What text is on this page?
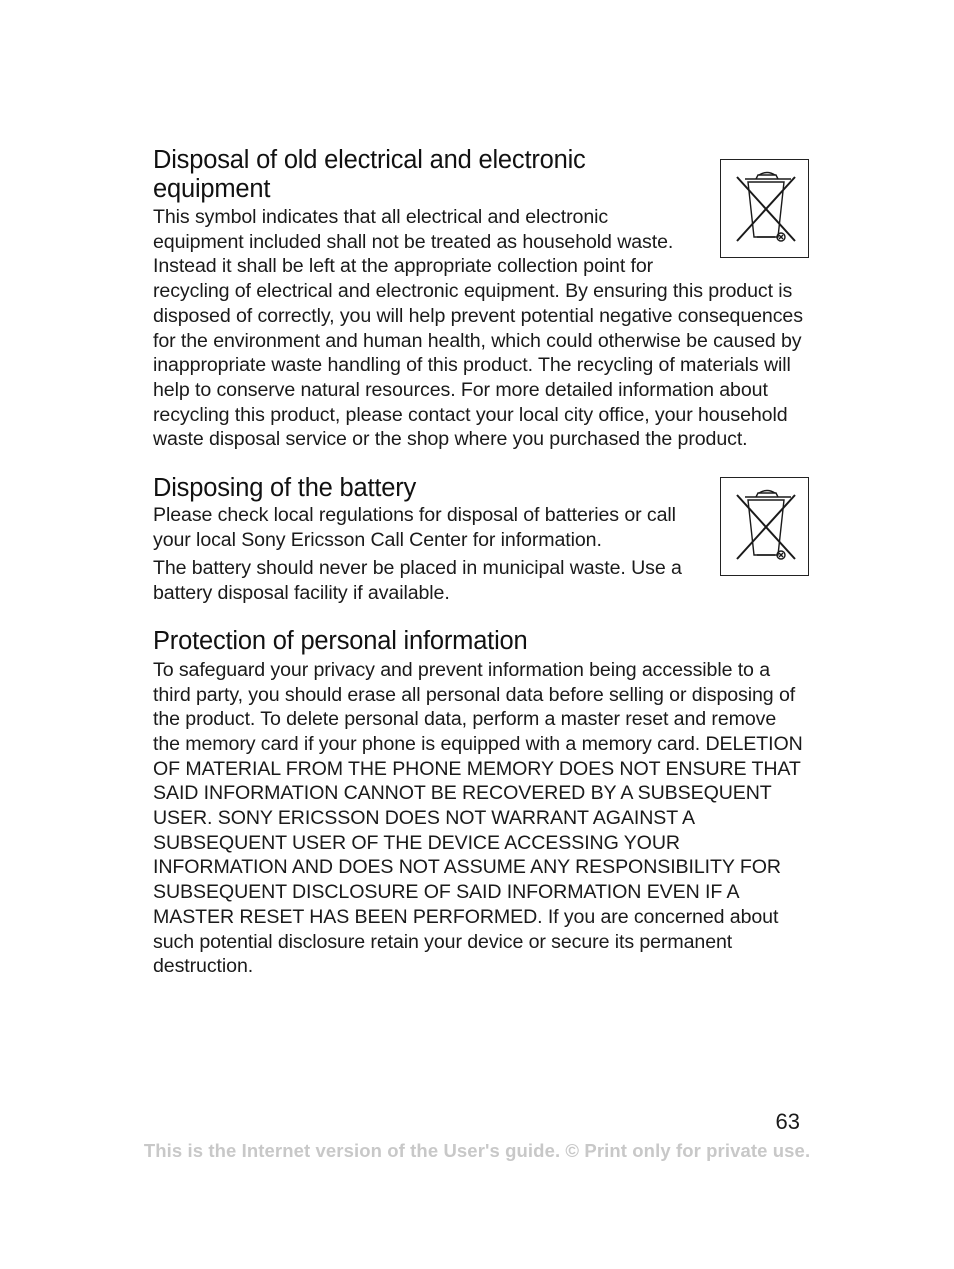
Disposal of old electrical and electronic equipment

This symbol indicates that all electrical and electronic equipment included shall not be treated as household waste. Instead it shall be left at the appropriate collection point for recycling of electrical and electronic equipment. By ensuring this product is disposed of correctly, you will help prevent potential negative consequences for the environment and human health, which could otherwise be caused by inappropriate waste handling of this product. The recycling of materials will help to conserve natural resources. For more detailed information about recycling this product, please contact your local city office, your household waste disposal service or the shop where you purchased the product.

Disposing of the battery

Please check local regulations for disposal of batteries or call your local Sony Ericsson Call Center for information.

The battery should never be placed in municipal waste. Use a battery disposal facility if available.

Protection of personal information

To safeguard your privacy and prevent information being accessible to a third party, you should erase all personal data before selling or disposing of the product. To delete personal data, perform a master reset and remove the memory card if your phone is equipped with a memory card. DELETION OF MATERIAL FROM THE PHONE MEMORY DOES NOT ENSURE THAT SAID INFORMATION CANNOT BE RECOVERED BY A SUBSEQUENT USER. SONY ERICSSON DOES NOT WARRANT AGAINST A SUBSEQUENT USER OF THE DEVICE ACCESSING YOUR INFORMATION AND DOES NOT ASSUME ANY RESPONSIBILITY FOR SUBSEQUENT DISCLOSURE OF SAID INFORMATION EVEN IF A MASTER RESET HAS BEEN PERFORMED. If you are concerned about such potential disclosure retain your device or secure its permanent destruction.

63
This is the Internet version of the User's guide. © Print only for private use.
